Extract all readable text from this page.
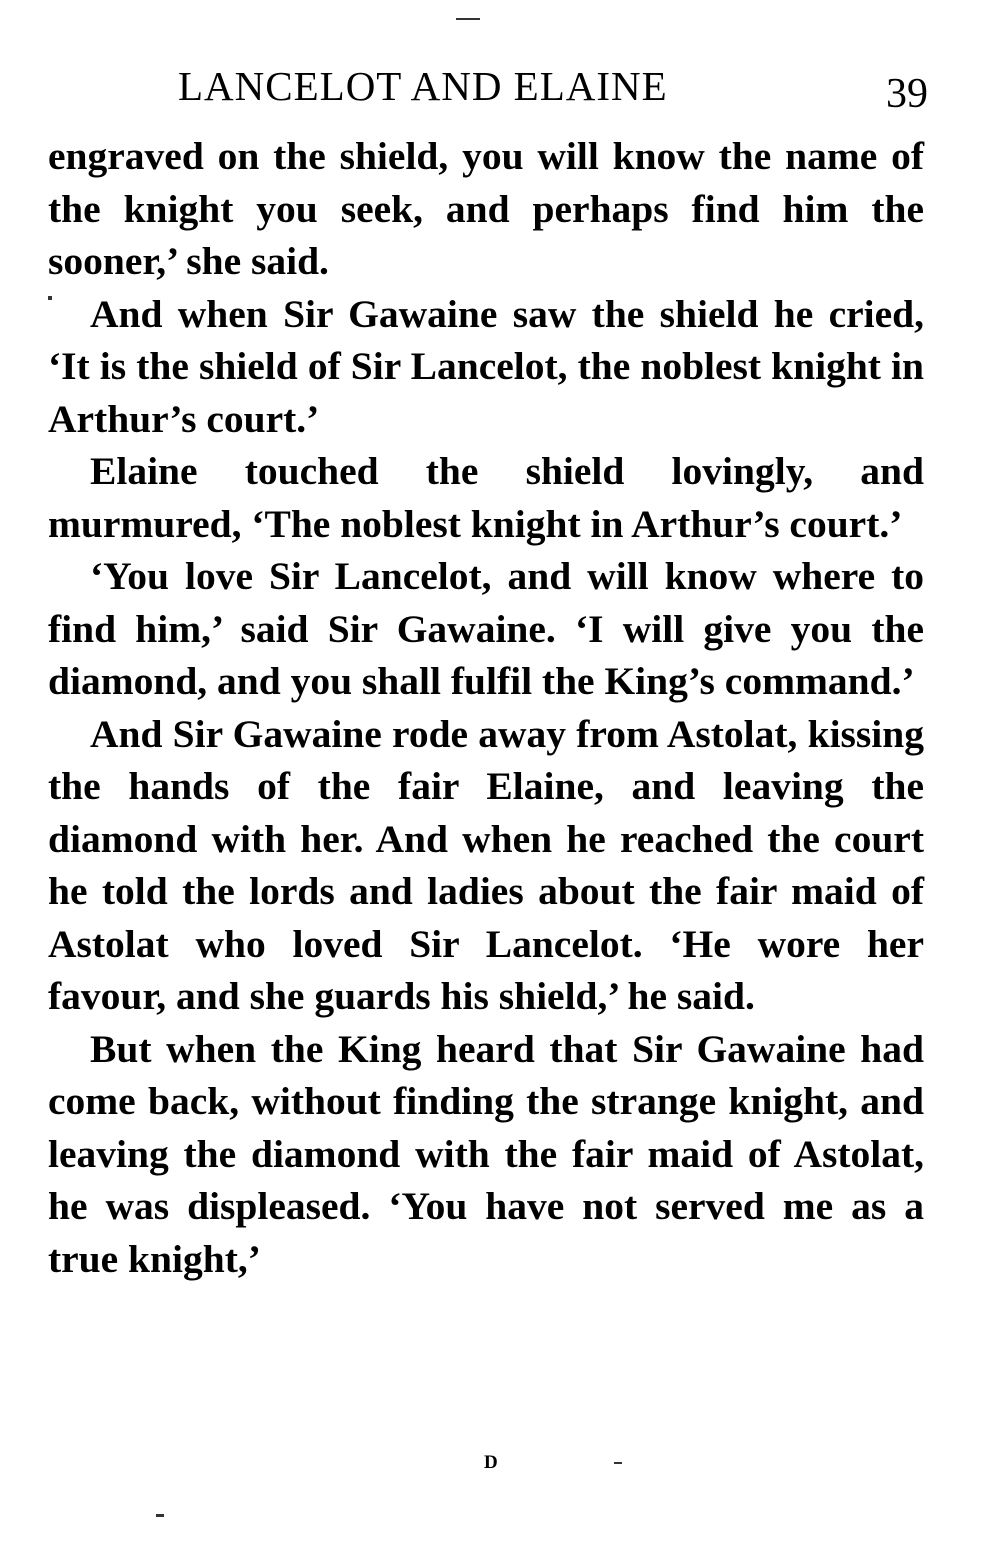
LANCELOT AND ELAINE	39

engraved on the shield, you will know the name of the knight you seek, and perhaps find him the sooner,’ she said.

And when Sir Gawaine saw the shield he cried, ‘It is the shield of Sir Lancelot, the noblest knight in Arthur’s court.’

Elaine touched the shield lovingly, and murmured, ‘The noblest knight in Arthur’s court.’

‘You love Sir Lancelot, and will know where to find him,’ said Sir Gawaine. ‘I will give you the diamond, and you shall fulfil the King’s command.’

And Sir Gawaine rode away from Astolat, kissing the hands of the fair Elaine, and leaving the diamond with her. And when he reached the court he told the lords and ladies about the fair maid of Astolat who loved Sir Lancelot. ‘He wore her favour, and she guards his shield,’ he said.

But when the King heard that Sir Gawaine had come back, without finding the strange knight, and leaving the diamond with the fair maid of Astolat, he was displeased. ‘You have not served me as a true knight,’

D
